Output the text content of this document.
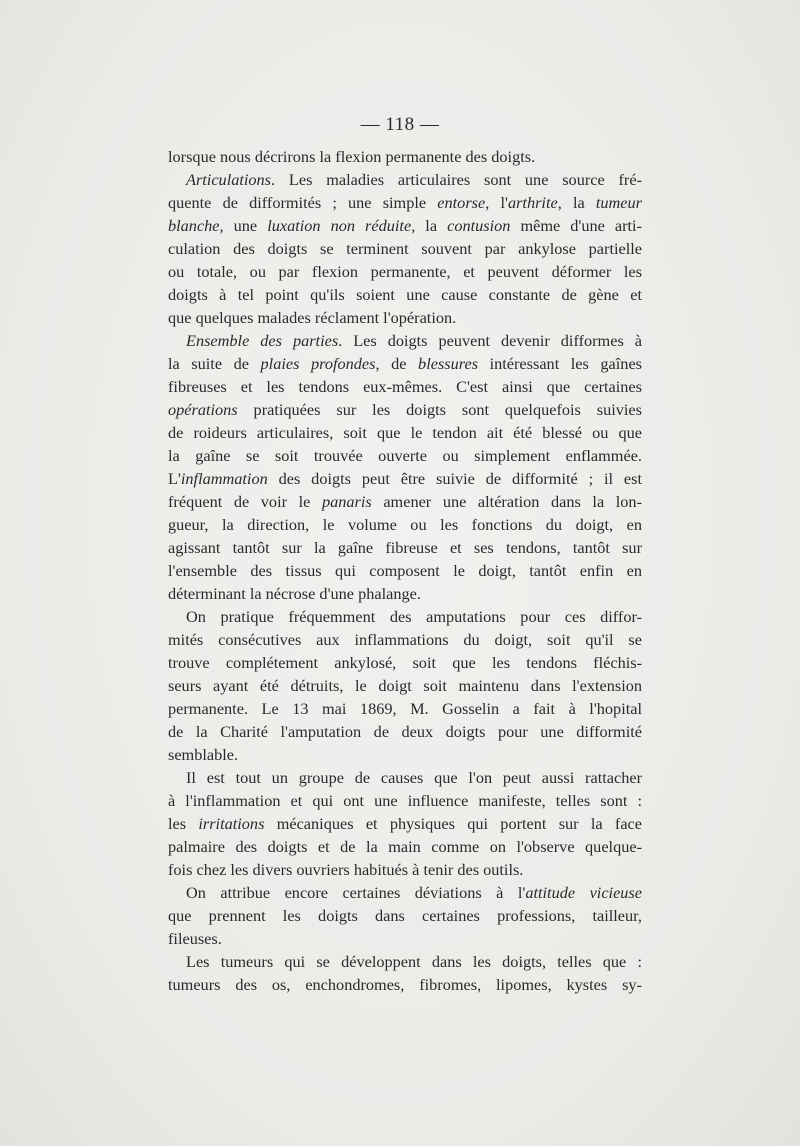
— 118 —
lorsque nous décrirons la flexion permanente des doigts.
Articulations. Les maladies articulaires sont une source fré-
quente de difformités ; une simple entorse, l'arthrite, la tumeur
blanche, une luxation non réduite, la contusion même d'une arti-
culation des doigts se terminent souvent par ankylose partielle
ou totale, ou par flexion permanente, et peuvent déformer les
doigts à tel point qu'ils soient une cause constante de gène et
que quelques malades réclament l'opération.
Ensemble des parties. Les doigts peuvent devenir difformes à
la suite de plaies profondes, de blessures intéressant les gaînes
fibreuses et les tendons eux-mêmes. C'est ainsi que certaines
opérations pratiquées sur les doigts sont quelquefois suivies
de roideurs articulaires, soit que le tendon ait été blessé ou que
la gaîne se soit trouvée ouverte ou simplement enflammée.
L'inflammation des doigts peut être suivie de difformité ; il est
fréquent de voir le panaris amener une altération dans la lon-
gueur, la direction, le volume ou les fonctions du doigt, en
agissant tantôt sur la gaîne fibreuse et ses tendons, tantôt sur
l'ensemble des tissus qui composent le doigt, tantôt enfin en
déterminant la nécrose d'une phalange.
On pratique fréquemment des amputations pour ces diffor-
mités consécutives aux inflammations du doigt, soit qu'il se
trouve complétement ankylosé, soit que les tendons fléchis-
seurs ayant été détruits, le doigt soit maintenu dans l'extension
permanente. Le 13 mai 1869, M. Gosselin a fait à l'hopital
de la Charité l'amputation de deux doigts pour une difformité
semblable.
Il est tout un groupe de causes que l'on peut aussi rattacher
à l'inflammation et qui ont une influence manifeste, telles sont :
les irritations mécaniques et physiques qui portent sur la face
palmaire des doigts et de la main comme on l'observe quelque-
fois chez les divers ouvriers habitués à tenir des outils.
On attribue encore certaines déviations à l'attitude vicieuse
que prennent les doigts dans certaines professions, tailleur,
fileuses.
Les tumeurs qui se développent dans les doigts, telles que :
tumeurs des os, enchondromes, fibromes, lipomes, kystes sy-
